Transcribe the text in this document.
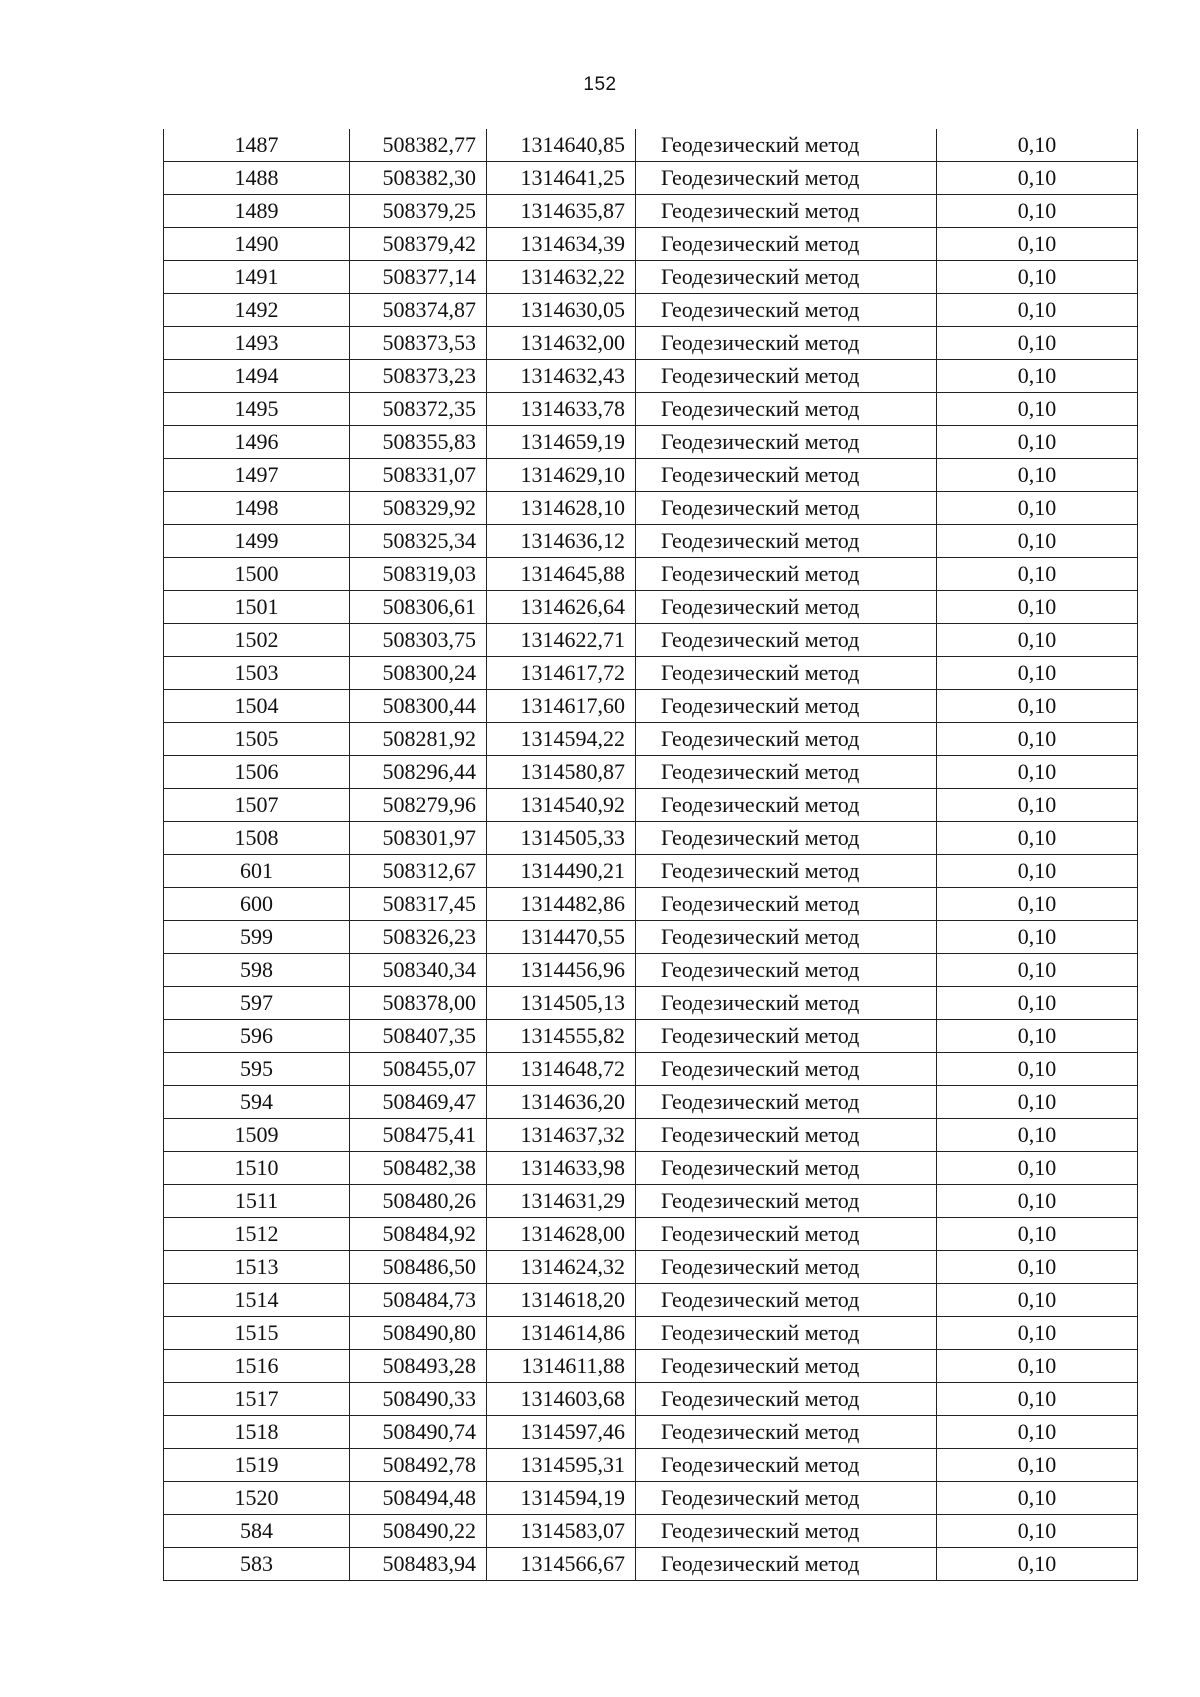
152
1487	508382,77	1314640,85	Геодезический метод	0,10
1488	508382,30	1314641,25	Геодезический метод	0,10
1489	508379,25	1314635,87	Геодезический метод	0,10
1490	508379,42	1314634,39	Геодезический метод	0,10
1491	508377,14	1314632,22	Геодезический метод	0,10
1492	508374,87	1314630,05	Геодезический метод	0,10
1493	508373,53	1314632,00	Геодезический метод	0,10
1494	508373,23	1314632,43	Геодезический метод	0,10
1495	508372,35	1314633,78	Геодезический метод	0,10
1496	508355,83	1314659,19	Геодезический метод	0,10
1497	508331,07	1314629,10	Геодезический метод	0,10
1498	508329,92	1314628,10	Геодезический метод	0,10
1499	508325,34	1314636,12	Геодезический метод	0,10
1500	508319,03	1314645,88	Геодезический метод	0,10
1501	508306,61	1314626,64	Геодезический метод	0,10
1502	508303,75	1314622,71	Геодезический метод	0,10
1503	508300,24	1314617,72	Геодезический метод	0,10
1504	508300,44	1314617,60	Геодезический метод	0,10
1505	508281,92	1314594,22	Геодезический метод	0,10
1506	508296,44	1314580,87	Геодезический метод	0,10
1507	508279,96	1314540,92	Геодезический метод	0,10
1508	508301,97	1314505,33	Геодезический метод	0,10
601	508312,67	1314490,21	Геодезический метод	0,10
600	508317,45	1314482,86	Геодезический метод	0,10
599	508326,23	1314470,55	Геодезический метод	0,10
598	508340,34	1314456,96	Геодезический метод	0,10
597	508378,00	1314505,13	Геодезический метод	0,10
596	508407,35	1314555,82	Геодезический метод	0,10
595	508455,07	1314648,72	Геодезический метод	0,10
594	508469,47	1314636,20	Геодезический метод	0,10
1509	508475,41	1314637,32	Геодезический метод	0,10
1510	508482,38	1314633,98	Геодезический метод	0,10
1511	508480,26	1314631,29	Геодезический метод	0,10
1512	508484,92	1314628,00	Геодезический метод	0,10
1513	508486,50	1314624,32	Геодезический метод	0,10
1514	508484,73	1314618,20	Геодезический метод	0,10
1515	508490,80	1314614,86	Геодезический метод	0,10
1516	508493,28	1314611,88	Геодезический метод	0,10
1517	508490,33	1314603,68	Геодезический метод	0,10
1518	508490,74	1314597,46	Геодезический метод	0,10
1519	508492,78	1314595,31	Геодезический метод	0,10
1520	508494,48	1314594,19	Геодезический метод	0,10
584	508490,22	1314583,07	Геодезический метод	0,10
583	508483,94	1314566,67	Геодезический метод	0,10
